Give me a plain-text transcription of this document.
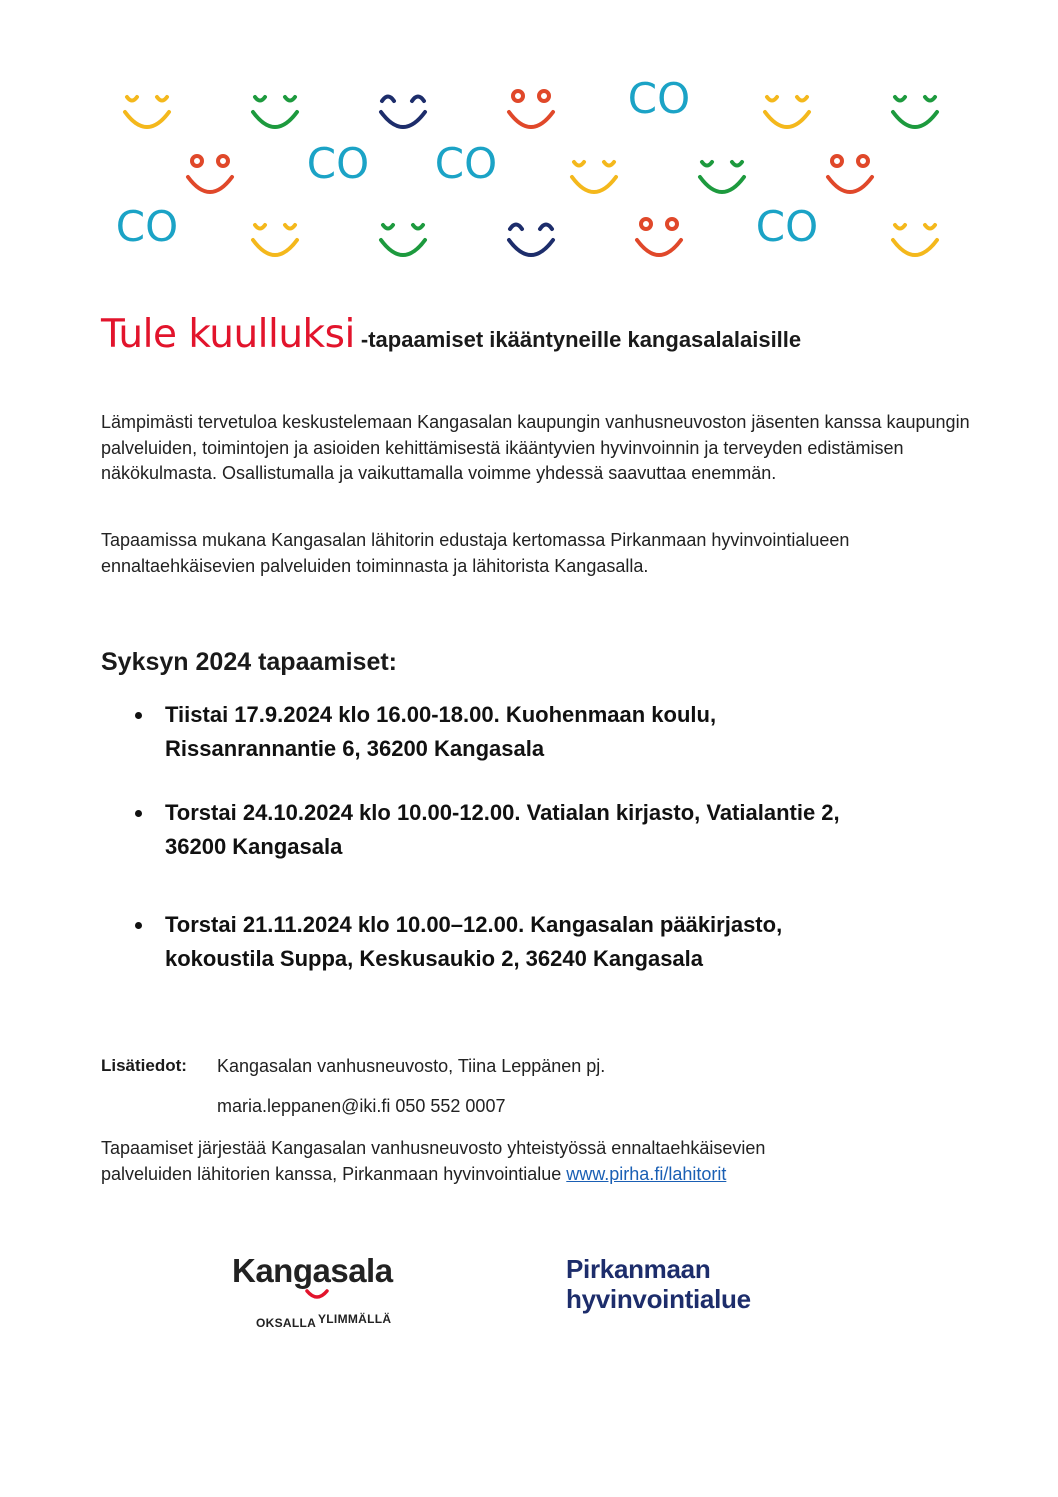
CO
CO CO
CO	CO
Tule kuulluksi -tapaamiset ikääntyneille kangasalalaisille

Lämpimästi tervetuloa keskustelemaan Kangasalan kaupungin vanhusneuvoston jäsenten kanssa kaupungin palveluiden, toimintojen ja asioiden kehittämisestä ikääntyvien hyvinvoinnin ja terveyden edistämisen näkökulmasta. Osallistumalla ja vaikuttamalla voimme yhdessä saavuttaa enemmän.

Tapaamissa mukana Kangasalan lähitorin edustaja kertomassa Pirkanmaan hyvinvointialueen ennaltaehkäisevien palveluiden toiminnasta ja lähitorista Kangasalla.

Syksyn 2024 tapaamiset:
Tiistai 17.9.2024 klo 16.00-18.00. Kuohenmaan koulu,
Rissanrannantie 6, 36200 Kangasala
Torstai 24.10.2024 klo 10.00-12.00. Vatialan kirjasto, Vatialantie 2,
36200 Kangasala
Torstai 21.11.2024 klo 10.00–12.00. Kangasalan pääkirjasto,
kokoustila Suppa, Keskusaukio 2, 36240 Kangasala
Lisätiedot: Kangasalan vanhusneuvosto, Tiina Leppänen pj.
maria.leppanen@iki.fi 050 552 0007

Tapaamiset järjestää Kangasalan vanhusneuvosto yhteistyössä ennaltaehkäisevien
palveluiden lähitorien kanssa, Pirkanmaan hyvinvointialue www.pirha.fi/lahitorit

Kangasala
OKSALLA YLIMMÄLLÄ
Pirkanmaan
hyvinvointialue
